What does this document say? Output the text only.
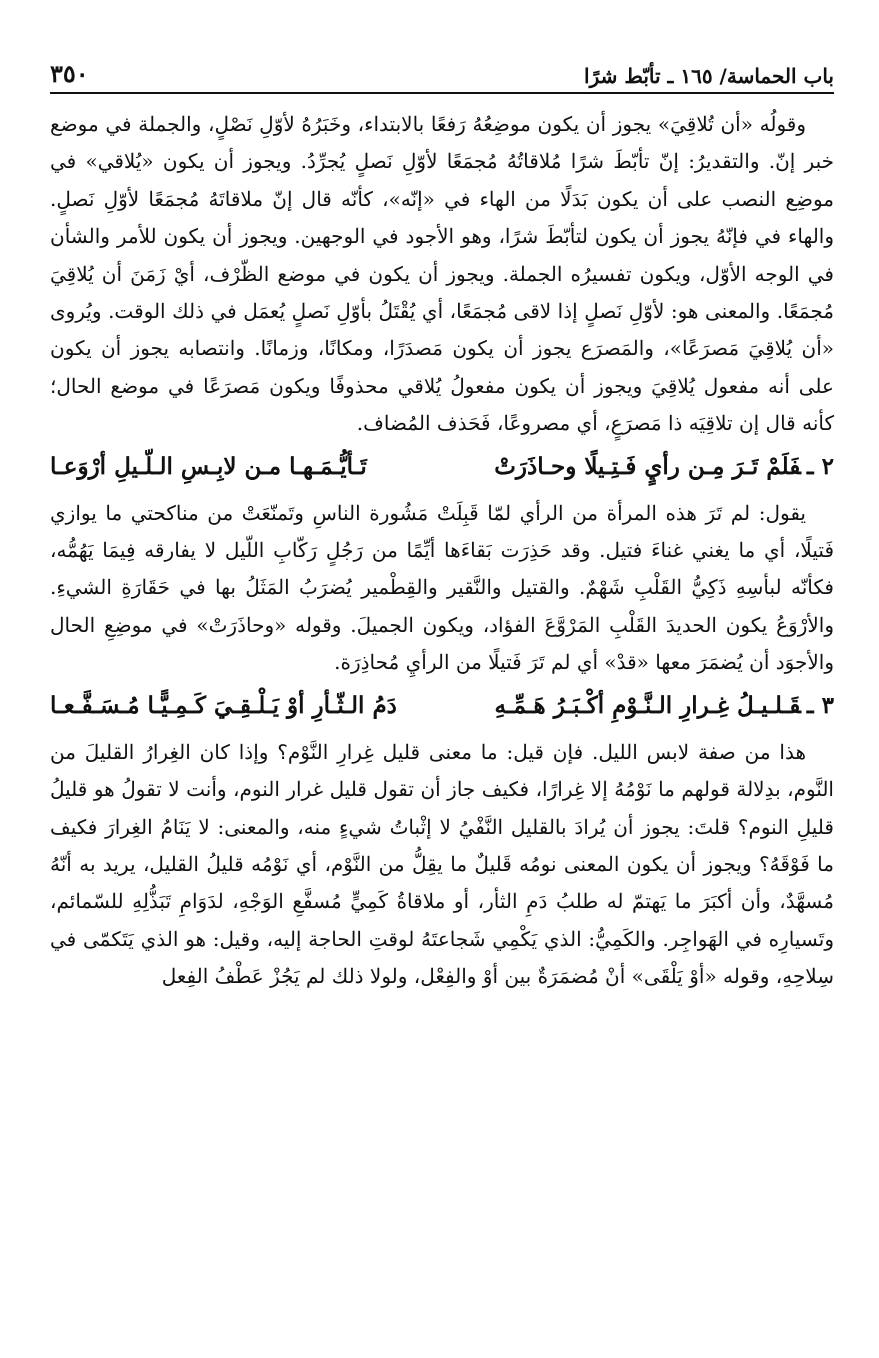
باب الحماسة/ ١٦٥ ـ تأبّط شرًا
٣٥٠

وقولُه «أن تُلاقِيَ» يجوز أن يكون موضِعُهُ رَفعًا بالابتداء، وخَبَرُهُ لأوّلِ نَصْلٍ، والجملة في موضع خبر إنّ. والتقديرُ: إنّ تأبّطَ شرًا مُلاقاتُهُ مُجمَعًا لأوّلِ نَصلٍ يُجرِّدُ. ويجوز أن يكون «يُلاقي» في موضِع النصب على أن يكون بَدَلًا من الهاء في «إنّه»، كأنّه قال إنّ ملاقاتَهُ مُجمَعًا لأوّلِ نَصلٍ. والهاء في فإنّهُ يجوز أن يكون لتأبّطَ شرًا، وهو الأجود في الوجهين. ويجوز أن يكون للأمر والشأن في الوجه الأوّل، ويكون تفسيرُه الجملة. ويجوز أن يكون في موضع الظّرْف، أيْ زَمَنَ أن يُلاقِيَ مُجمَعًا. والمعنى هو: لأوّلِ نَصلٍ إذا لاقى مُجمَعًا، أي يُقْتَلُ بأوّلِ نَصلٍ يُعمَل في ذلك الوقت. ويُروى «أن يُلاقِيَ مَصرَعًا»، والمَصرَع يجوز أن يكون مَصدَرًا، ومكانًا، وزمانًا. وانتصابه يجوز أن يكون على أنه مفعول يُلاقِيَ ويجوز أن يكون مفعولُ يُلاقي محذوفًا ويكون مَصرَعًا في موضع الحال؛ كأنه قال إن تلاقِيَه ذا مَصرَعٍ، أي مصروعًا، فَحَذف المُضاف.

٢ ـفَلَمْ تَـرَ مِـن رأيٍ فَـتِـيلًا وحـاذَرَتْ
تَـأيُّـمَـهـا مـن لابِـسِ الـلّـيلِ أرْوَعـا

يقول: لم تَرَ هذه المرأة من الرأي لمّا قَبِلَتْ مَشُورة الناسِ وتَمنّعَتْ من مناكحتي ما يوازي فَتيلًا، أي ما يغني غناءَ فتيل. وقد حَذِرَت بَقاءَها أيِّمًا من رَجُلٍ رَكّابِ اللّيل لا يفارقه فِيمَا يَهُمُّه، فكأنّه لبأسِهِ ذَكِيُّ القَلْبِ شَهْمٌ. والقتيل والنَّقير والقِطْمير يُضرَبُ المَثَلُ بها في حَقَارَةِ الشيءِ. والأرْوَعُ يكون الحديدَ القَلْبِ المَرْوَّعَ الفؤاد، ويكون الجميلَ. وقوله «وحاذَرَتْ» في موضِعِ الحال والأجوَد أن يُضمَرَ معها «قدْ» أي لم تَرَ فَتيلًا من الرأيِ مُحاذِرَة.

٣ ـقَـلـيـلُ غِـرارِ الـنَّـوْمِ أكْـبَـرُ هَـمِّـهِ
دَمُ الـثّـأرِ أوْ يَـلْـقِـيَ كَـمِـيًّـا مُـسَـفَّـعـا

هذا من صفة لابس الليل. فإن قيل: ما معنى قليل غِرارِ النَّوْم؟ وإذا كان الغِرارُ القليلَ من النَّوم، بدِلالة قولهم ما نَوْمُهُ إلا غِرارًا، فكيف جاز أن تقول قليل غرار النوم، وأنت لا تقولُ هو قليلُ قليلِ النوم؟ قلتَ: يجوز أن يُرادَ بالقليل النَّفْيُ لا إثْباتُ شيءٍ منه، والمعنى: لا يَنَامُ الغِرارَ فكيف ما فَوْقَهُ؟ ويجوز أن يكون المعنى نومُه قَليلٌ ما يقِلُّ من النَّوْم، أي نَوْمُه قليلُ القليل، يريد به أنّهُ مُسهَّدٌ، وأن أكبَرَ ما يَهتمّ له طلبُ دَمِ الثأر، أو ملاقاةُ كَمِيٍّ مُسفَّعِ الوَجْهِ، لدَوَامِ تَبَذُّلِهِ للسّمائم، وتَسيارِه في الهَواجِر. والكَمِيُّ: الذي يَكْمِي شَجاعتَهُ لوقتِ الحاجة إليه، وقيل: هو الذي يَتَكمّى في سِلاحِهِ، وقوله «أوْ يَلْقَى» أنْ مُضمَرَةٌ بين أوْ والفِعْل، ولولا ذلك لم يَجُزْ عَطْفُ الفِعل
